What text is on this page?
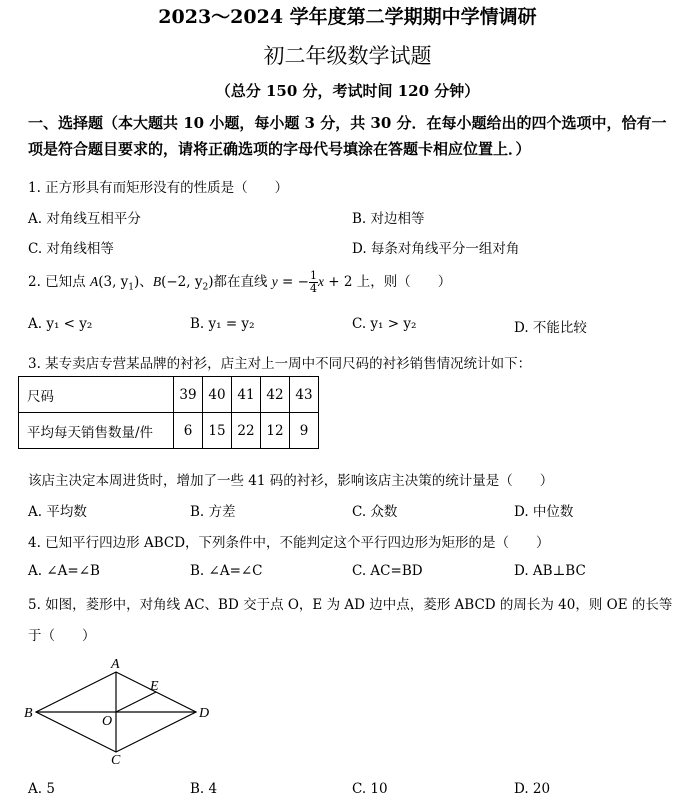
2023～2024 学年度第二学期期中学情调研
初二年级数学试题
（总分 150 分，考试时间 120 分钟）
一、选择题（本大题共 10 小题，每小题 3 分，共 30 分．在每小题给出的四个选项中，恰有一
项是符合题目要求的，请将正确选项的字母代号填涂在答题卡相应位置上．）
1. 正方形具有而矩形没有的性质是（　　）
A. 对角线互相平分	B. 对边相等
C. 对角线相等	D. 每条对角线平分一组对角
2. 已知点 A(3, $y_1$)、B(−2, $y_2$)都在直线 y = − $\frac{1}{4}$ x + 2 上，则（　　）
A. y₁ < y₂	B. y₁ = y₂	C. y₁ > y₂	D. 不能比较
3. 某专卖店专营某品牌的衬衫，店主对上一周中不同尺码的衬衫销售情况统计如下：
尺码	39	40	41	42	43
平均每天销售数量/件	6	15	22	12	9
该店主决定本周进货时，增加了一些 41 码的衬衫，影响该店主决策的统计量是（　　）
A. 平均数	B. 方差	C. 众数	D. 中位数
4. 已知平行四边形 ABCD，下列条件中，不能判定这个平行四边形为矩形的是（　　）
A. ∠A=∠B	B. ∠A=∠C	C. AC=BD	D. AB⊥BC
5. 如图，菱形中，对角线 AC、BD 交于点 O，E 为 AD 边中点，菱形 ABCD 的周长为 40，则 OE 的长等
于（　　）
A
B
C
D
E
O
A. 5	B. 4	C. 10	D. 20
